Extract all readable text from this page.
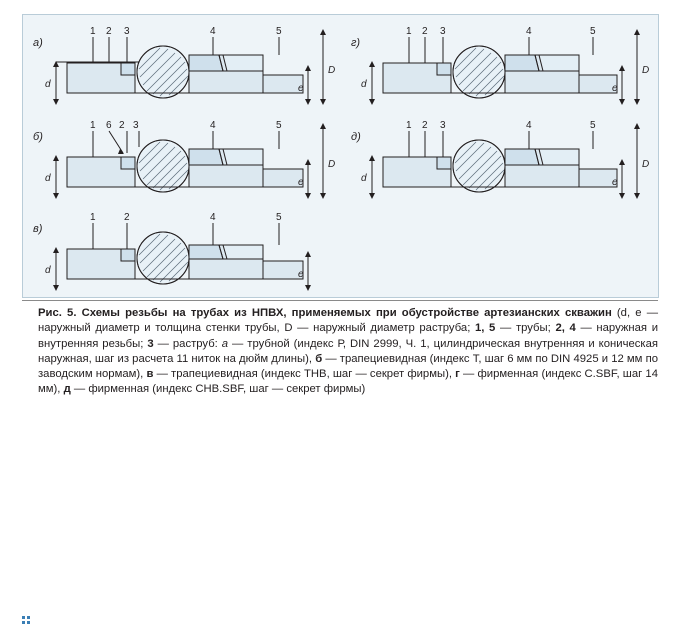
а)
1 2 3	4	5
d	e
D
г)
1 2 3	4	5
d	e
D
б)
1 6 2 3	4	5
d	e
D
д)
1 2 3	4	5
d	e
D
в)
1	2	4	5
d	e
Рис. 5. Схемы резьбы на трубах из НПВХ, применяемых при обустройстве артезианских скважин (d, e — наружный диаметр и толщина стенки трубы, D — наружный диаметр раструба; 1, 5 — трубы; 2, 4 — наружная и внутренняя резьбы; 3 — раструб: а — трубной (индекс Р, DIN 2999, Ч. 1, цилиндрическая внутренняя и коническая наружная, шаг из расчета 11 ниток на дюйм длины), б — трапециевидная (индекс Т, шаг 6 мм по DIN 4925 и 12 мм по заводским нормам), в — трапециевидная (индекс THB, шаг — секрет фирмы), г — фирменная (индекс C.SBF, шаг 14 мм), д — фирменная (индекс CHB.SBF, шаг — секрет фирмы)
